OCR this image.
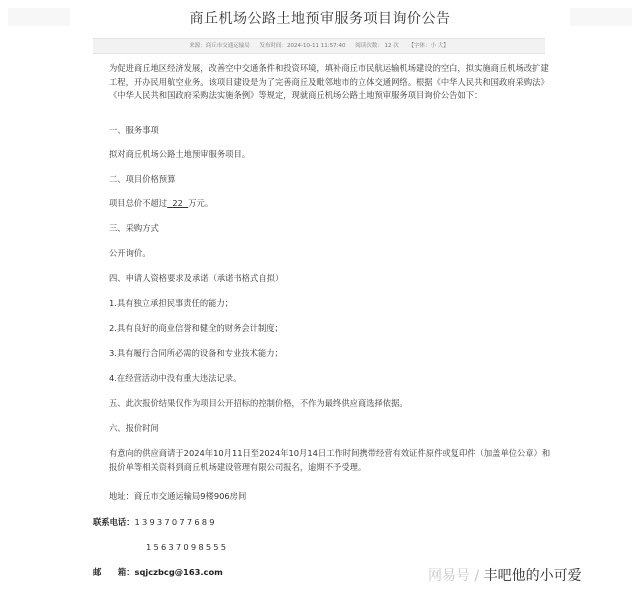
商丘机场公路土地预审服务项目询价公告
来源：商丘市交通运输局 发布时间：2024-10-11 11:57:40 阅读次数： 12 次 【字体：小 大】
为促进商丘地区经济发展，改善空中交通条件和投资环境，填补商丘市民航运输机场建设的空白，拟实施商丘机场改扩建工程，开办民用航空业务。该项目建设是为了完善商丘及毗邻地市的立体交通网络。根据《中华人民共和国政府采购法》《中华人民共和国政府采购法实施条例》等规定，现就商丘机场公路土地预审服务项目询价公告如下：
一、服务事项
拟对商丘机场公路土地预审服务项目。
二、项目价格预算
项目总价不超过 22 万元。
三、采购方式
公开询价。
四、申请人资格要求及承诺（承诺书格式自拟）
1.具有独立承担民事责任的能力；
2.具有良好的商业信誉和健全的财务会计制度；
3.具有履行合同所必需的设备和专业技术能力；
4.在经营活动中没有重大违法记录。
五、此次报价结果仅作为项目公开招标的控制价格，不作为最终供应商选择依据。
六、报价时间
有意向的供应商请于2024年10月11日至2024年10月14日工作时间携带经营有效证件原件或复印件（加盖单位公章）和报价单等相关资料到商丘机场建设管理有限公司报名，逾期不予受理。
地址：商丘市交通运输局9楼906房间
联系电话：13937077689
15637098555
邮　　箱：sqjczbcg@163.com	网易号 / 丰吧他的小可爱
